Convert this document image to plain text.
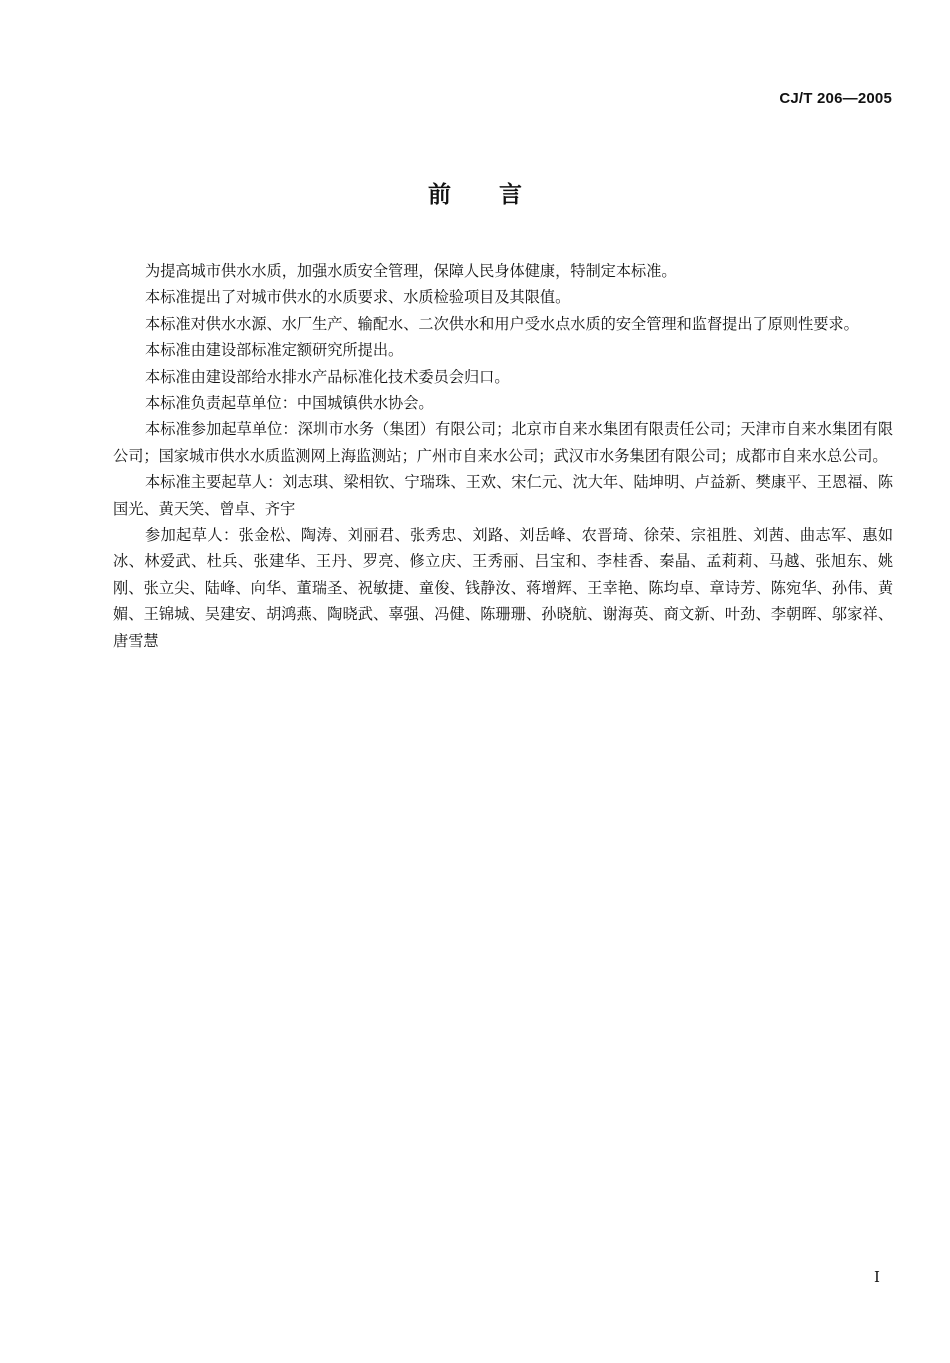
CJ/T 206—2005
前言

为提高城市供水水质，加强水质安全管理，保障人民身体健康，特制定本标准。

本标准提出了对城市供水的水质要求、水质检验项目及其限值。

本标准对供水水源、水厂生产、输配水、二次供水和用户受水点水质的安全管理和监督提出了原则性要求。

本标准由建设部标准定额研究所提出。

本标准由建设部给水排水产品标准化技术委员会归口。

本标准负责起草单位：中国城镇供水协会。

本标准参加起草单位：深圳市水务（集团）有限公司；北京市自来水集团有限责任公司；天津市自来水集团有限公司；国家城市供水水质监测网上海监测站；广州市自来水公司；武汉市水务集团有限公司；成都市自来水总公司。

本标准主要起草人：刘志琪、梁相钦、宁瑞珠、王欢、宋仁元、沈大年、陆坤明、卢益新、樊康平、王恩福、陈国光、黄天笑、曾卓、齐宇

参加起草人：张金松、陶涛、刘丽君、张秀忠、刘路、刘岳峰、农晋琦、徐荣、宗祖胜、刘茜、曲志军、惠如冰、林爱武、杜兵、张建华、王丹、罗亮、修立庆、王秀丽、吕宝和、李桂香、秦晶、孟莉莉、马越、张旭东、姚刚、张立尖、陆峰、向华、董瑞圣、祝敏捷、童俊、钱静汝、蒋增辉、王幸艳、陈均卓、章诗芳、陈宛华、孙伟、黄媚、王锦城、吴建安、胡鸿燕、陶晓武、辜强、冯健、陈珊珊、孙晓航、谢海英、商文新、叶劲、李朝晖、邬家祥、唐雪慧

I
